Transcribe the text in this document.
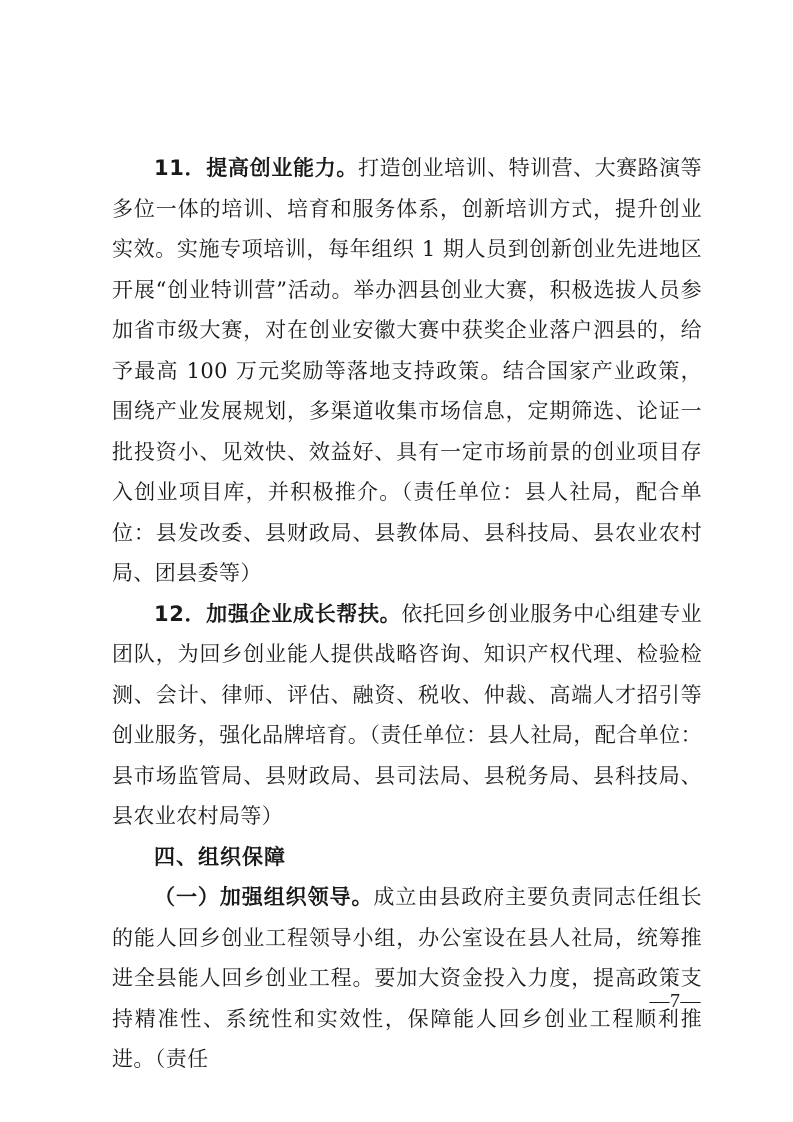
11．提高创业能力。打造创业培训、特训营、大赛路演等多位一体的培训、培育和服务体系，创新培训方式，提升创业实效。实施专项培训，每年组织 1 期人员到创新创业先进地区开展“创业特训营”活动。举办泗县创业大赛，积极选拔人员参加省市级大赛，对在创业安徽大赛中获奖企业落户泗县的，给予最高 100 万元奖励等落地支持政策。结合国家产业政策，围绕产业发展规划，多渠道收集市场信息，定期筛选、论证一批投资小、见效快、效益好、具有一定市场前景的创业项目存入创业项目库，并积极推介。（责任单位：县人社局，配合单位：县发改委、县财政局、县教体局、县科技局、县农业农村局、团县委等）

12．加强企业成长帮扶。依托回乡创业服务中心组建专业团队，为回乡创业能人提供战略咨询、知识产权代理、检验检测、会计、律师、评估、融资、税收、仲裁、高端人才招引等创业服务，强化品牌培育。（责任单位：县人社局，配合单位：县市场监管局、县财政局、县司法局、县税务局、县科技局、县农业农村局等）

四、组织保障

（一）加强组织领导。成立由县政府主要负责同志任组长的能人回乡创业工程领导小组，办公室设在县人社局，统筹推进全县能人回乡创业工程。要加大资金投入力度，提高政策支持精准性、系统性和实效性，保障能人回乡创业工程顺利推进。（责任

—7—
